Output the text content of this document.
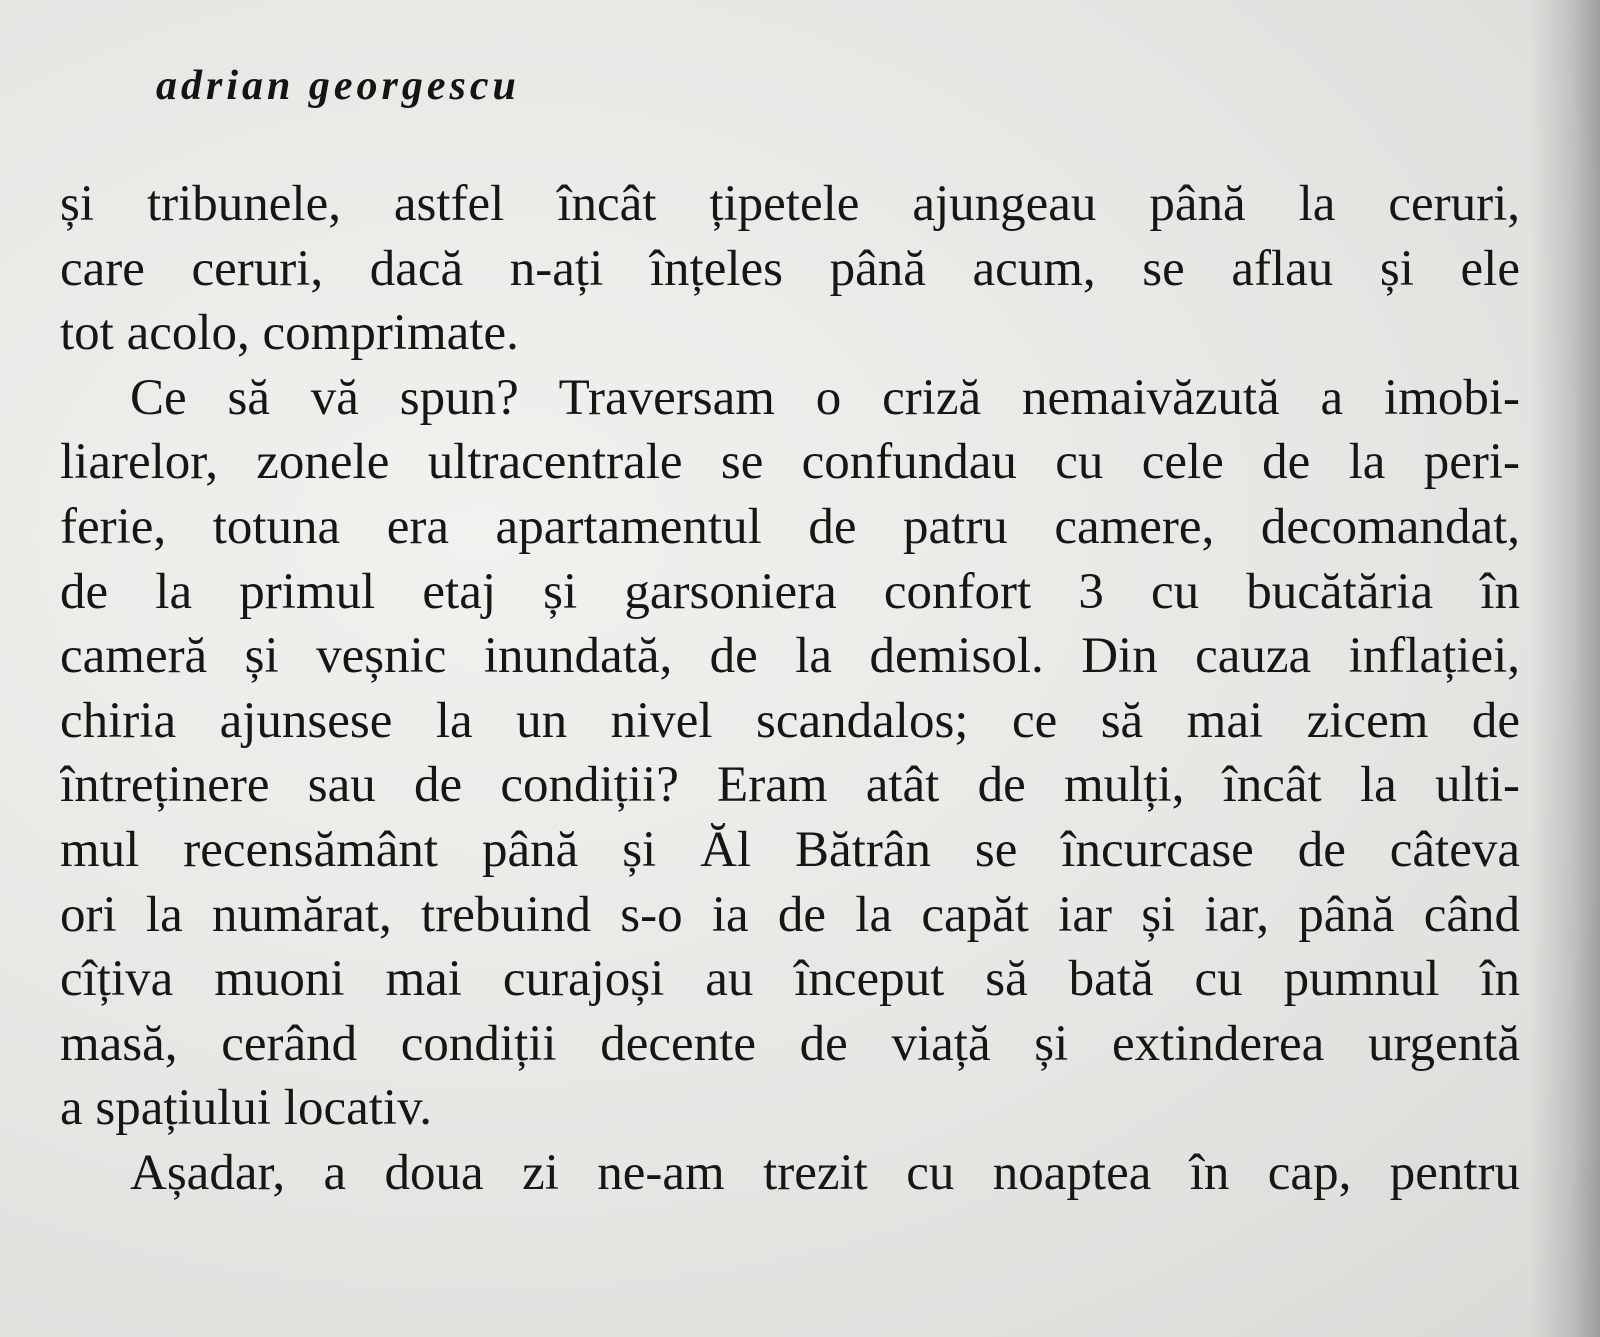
adrian georgescu
și tribunele, astfel încât țipetele ajungeau până la ceruri,
care ceruri, dacă n-ați înțeles până acum, se aflau și ele
tot acolo, comprimate.
Ce să vă spun? Traversam o criză nemaivăzută a imobi-
liarelor, zonele ultracentrale se confundau cu cele de la peri-
ferie, totuna era apartamentul de patru camere, decomandat,
de la primul etaj și garsoniera confort 3 cu bucătăria în
cameră și veșnic inundată, de la demisol. Din cauza inflației,
chiria ajunsese la un nivel scandalos; ce să mai zicem de
întreținere sau de condiții? Eram atât de mulți, încât la ulti-
mul recensământ până și Ăl Bătrân se încurcase de câteva
ori la numărat, trebuind s-o ia de la capăt iar și iar, până când
cîțiva muoni mai curajoși au început să bată cu pumnul în
masă, cerând condiții decente de viață și extinderea urgentă
a spațiului locativ.
Așadar, a doua zi ne-am trezit cu noaptea în cap, pentru
